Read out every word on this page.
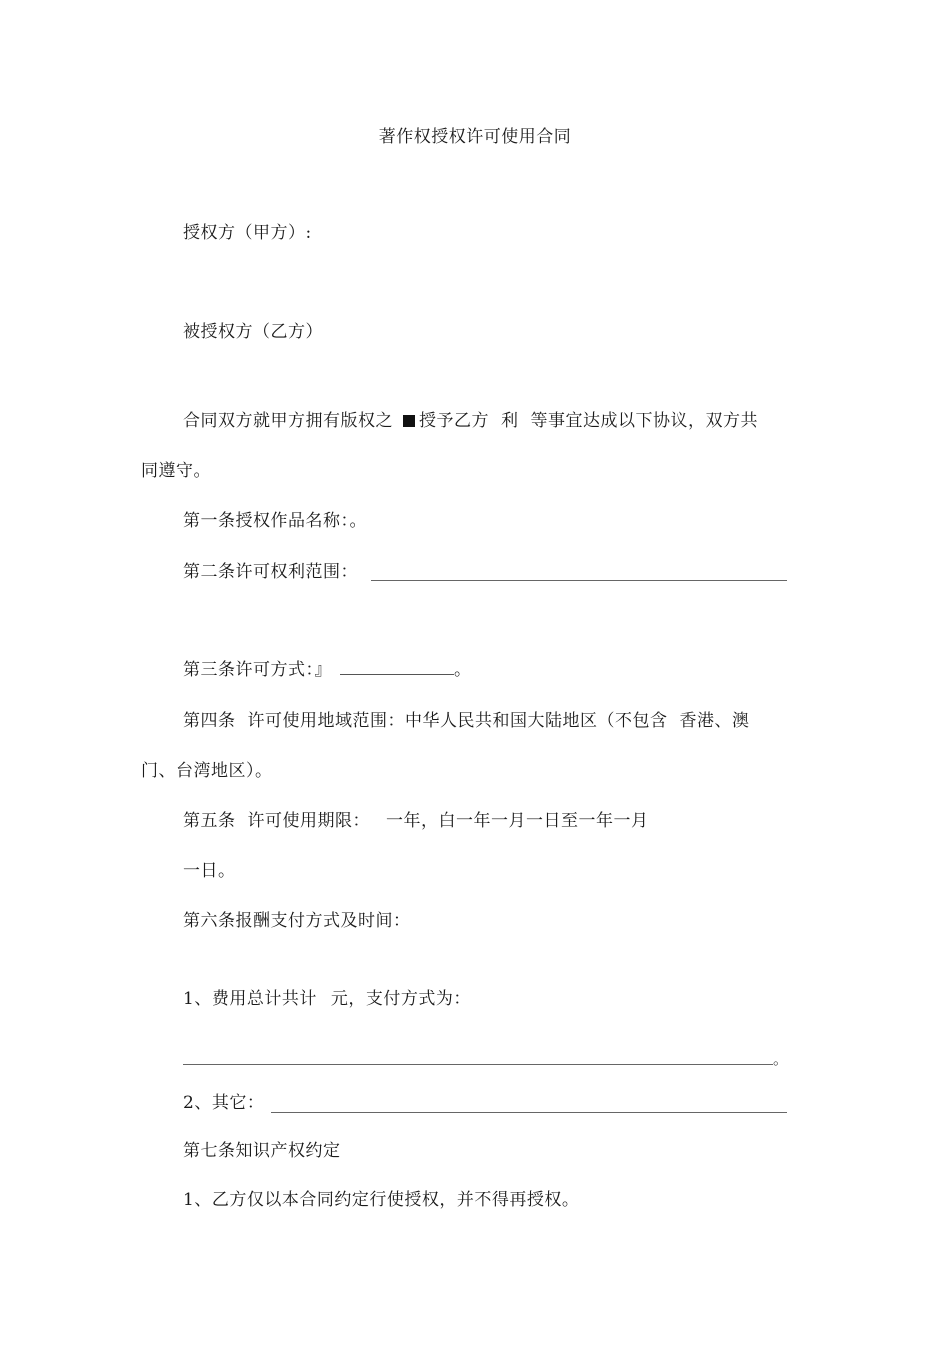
著作权授权许可使用合同
授权方（甲方）:
被授权方（乙方）
合同双方就甲方拥有版权之 授予乙方 利 等事宜达成以下协议，双方共
同遵守。
第一条授权作品名称：。
第二条许可权利范围：
第三条许可方式：』	。
第四条 许可使用地域范围：中华人民共和国大陆地区（不包含 香港、澳
门、台湾地区）。
第五条 许可使用期限： 一年，白一年一月一日至一年一月
一日。
第六条报酬支付方式及时间：
1、费用总计共计 元，支付方式为：
。
2、其它：
第七条知识产权约定
1、乙方仅以本合同约定行使授权，并不得再授权。
